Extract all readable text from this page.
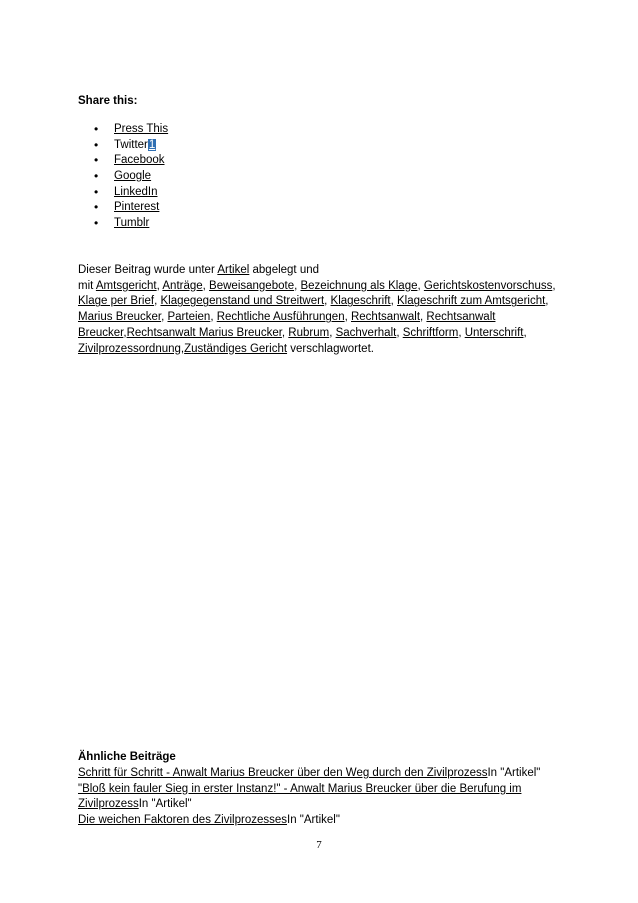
Share this:
• Press This
• Twitter1
• Facebook
• Google
• LinkedIn
• Pinterest
• Tumblr
Dieser Beitrag wurde unter Artikel abgelegt und
mit Amtsgericht, Anträge, Beweisangebote, Bezeichnung als Klage, Gerichtskostenvorschuss, Klage per Brief, Klagegegenstand und Streitwert, Klageschrift, Klageschrift zum Amtsgericht, Marius Breucker, Parteien, Rechtliche Ausführungen, Rechtsanwalt, Rechtsanwalt Breucker,Rechtsanwalt Marius Breucker, Rubrum, Sachverhalt, Schriftform, Unterschrift, Zivilprozessordnung,Zuständiges Gericht verschlagwortet.
Ähnliche Beiträge
Schritt für Schritt - Anwalt Marius Breucker über den Weg durch den ZivilprozessIn "Artikel"
"Bloß kein fauler Sieg in erster Instanz!" - Anwalt Marius Breucker über die Berufung im ZivilprozessIn "Artikel"
Die weichen Faktoren des ZivilprozessesIn "Artikel"
7
